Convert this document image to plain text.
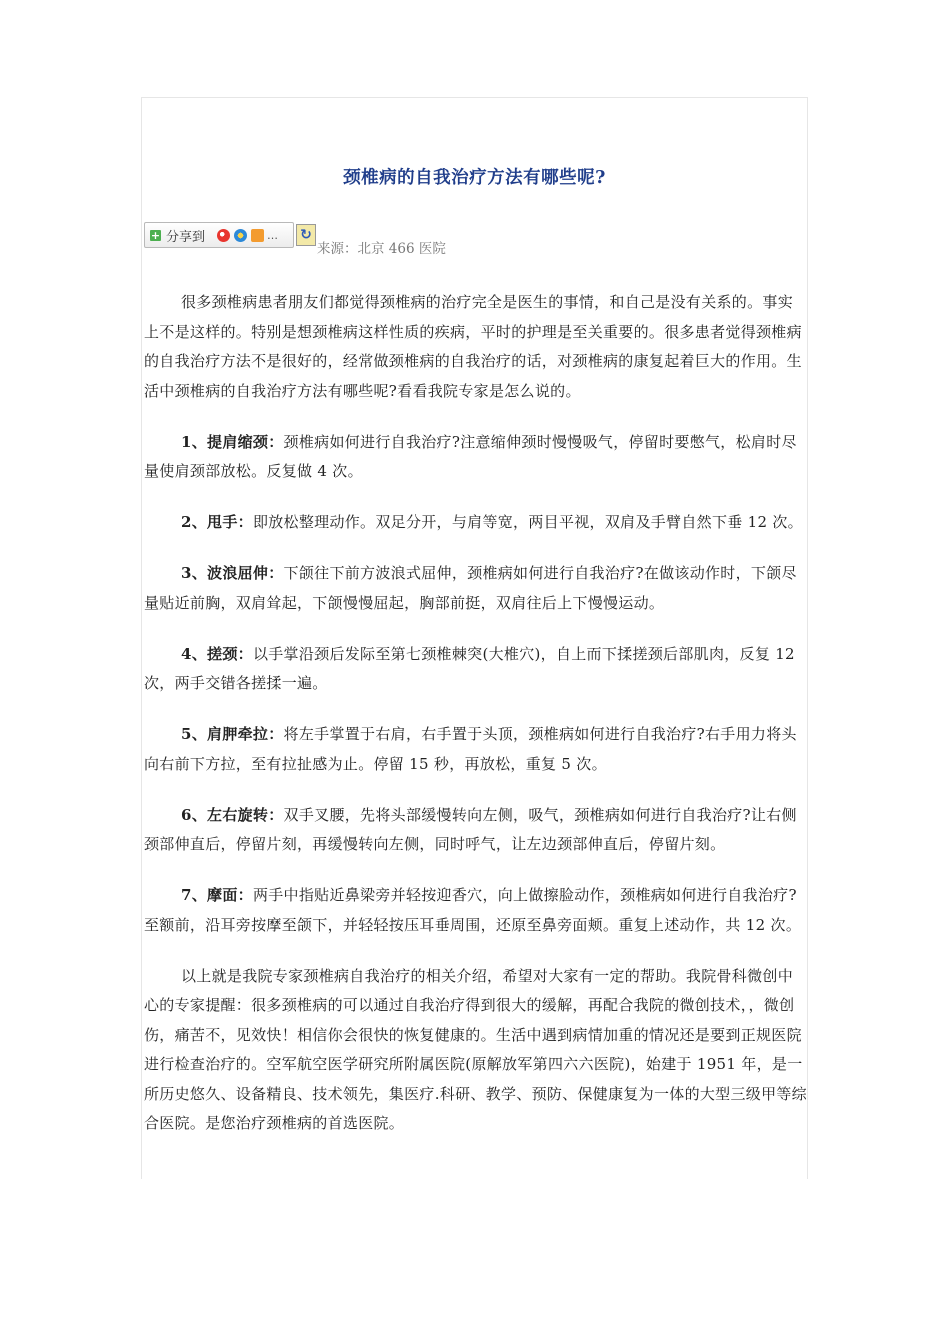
颈椎病的自我治疗方法有哪些呢?
+ 分享到	… ↻
来源：北京 466 医院

很多颈椎病患者朋友们都觉得颈椎病的治疗完全是医生的事情，和自己是没有关系的。事实上不是这样的。特别是想颈椎病这样性质的疾病，平时的护理是至关重要的。很多患者觉得颈椎病的自我治疗方法不是很好的，经常做颈椎病的自我治疗的话，对颈椎病的康复起着巨大的作用。生活中颈椎病的自我治疗方法有哪些呢?看看我院专家是怎么说的。

1、提肩缩颈：颈椎病如何进行自我治疗?注意缩伸颈时慢慢吸气，停留时要憋气，松肩时尽量使肩颈部放松。反复做 4 次。

2、甩手：即放松整理动作。双足分开，与肩等宽，两目平视，双肩及手臂自然下垂 12 次。

3、波浪屈伸：下颌往下前方波浪式屈伸，颈椎病如何进行自我治疗?在做该动作时，下颌尽量贴近前胸，双肩耸起，下颌慢慢屈起，胸部前挺，双肩往后上下慢慢运动。

4、搓颈：以手掌沿颈后发际至第七颈椎棘突(大椎穴)，自上而下揉搓颈后部肌肉，反复 12 次，两手交错各搓揉一遍。

5、肩胛牵拉：将左手掌置于右肩，右手置于头顶，颈椎病如何进行自我治疗?右手用力将头向右前下方拉，至有拉扯感为止。停留 15 秒，再放松，重复 5 次。

6、左右旋转：双手叉腰，先将头部缓慢转向左侧，吸气，颈椎病如何进行自我治疗?让右侧颈部伸直后，停留片刻，再缓慢转向左侧，同时呼气，让左边颈部伸直后，停留片刻。

7、摩面：两手中指贴近鼻梁旁并轻按迎香穴，向上做擦脸动作，颈椎病如何进行自我治疗?至额前，沿耳旁按摩至颌下，并轻轻按压耳垂周围，还原至鼻旁面颊。重复上述动作，共 12 次。

以上就是我院专家颈椎病自我治疗的相关介绍，希望对大家有一定的帮助。我院骨科微创中心的专家提醒：很多颈椎病的可以通过自我治疗得到很大的缓解，再配合我院的微创技术，，微创伤，痛苦不，见效快！相信你会很快的恢复健康的。生活中遇到病情加重的情况还是要到正规医院进行检查治疗的。空军航空医学研究所附属医院(原解放军第四六六医院)，始建于 1951 年，是一所历史悠久、设备精良、技术领先，集医疗.科研、教学、预防、保健康复为一体的大型三级甲等综合医院。是您治疗颈椎病的首选医院。
